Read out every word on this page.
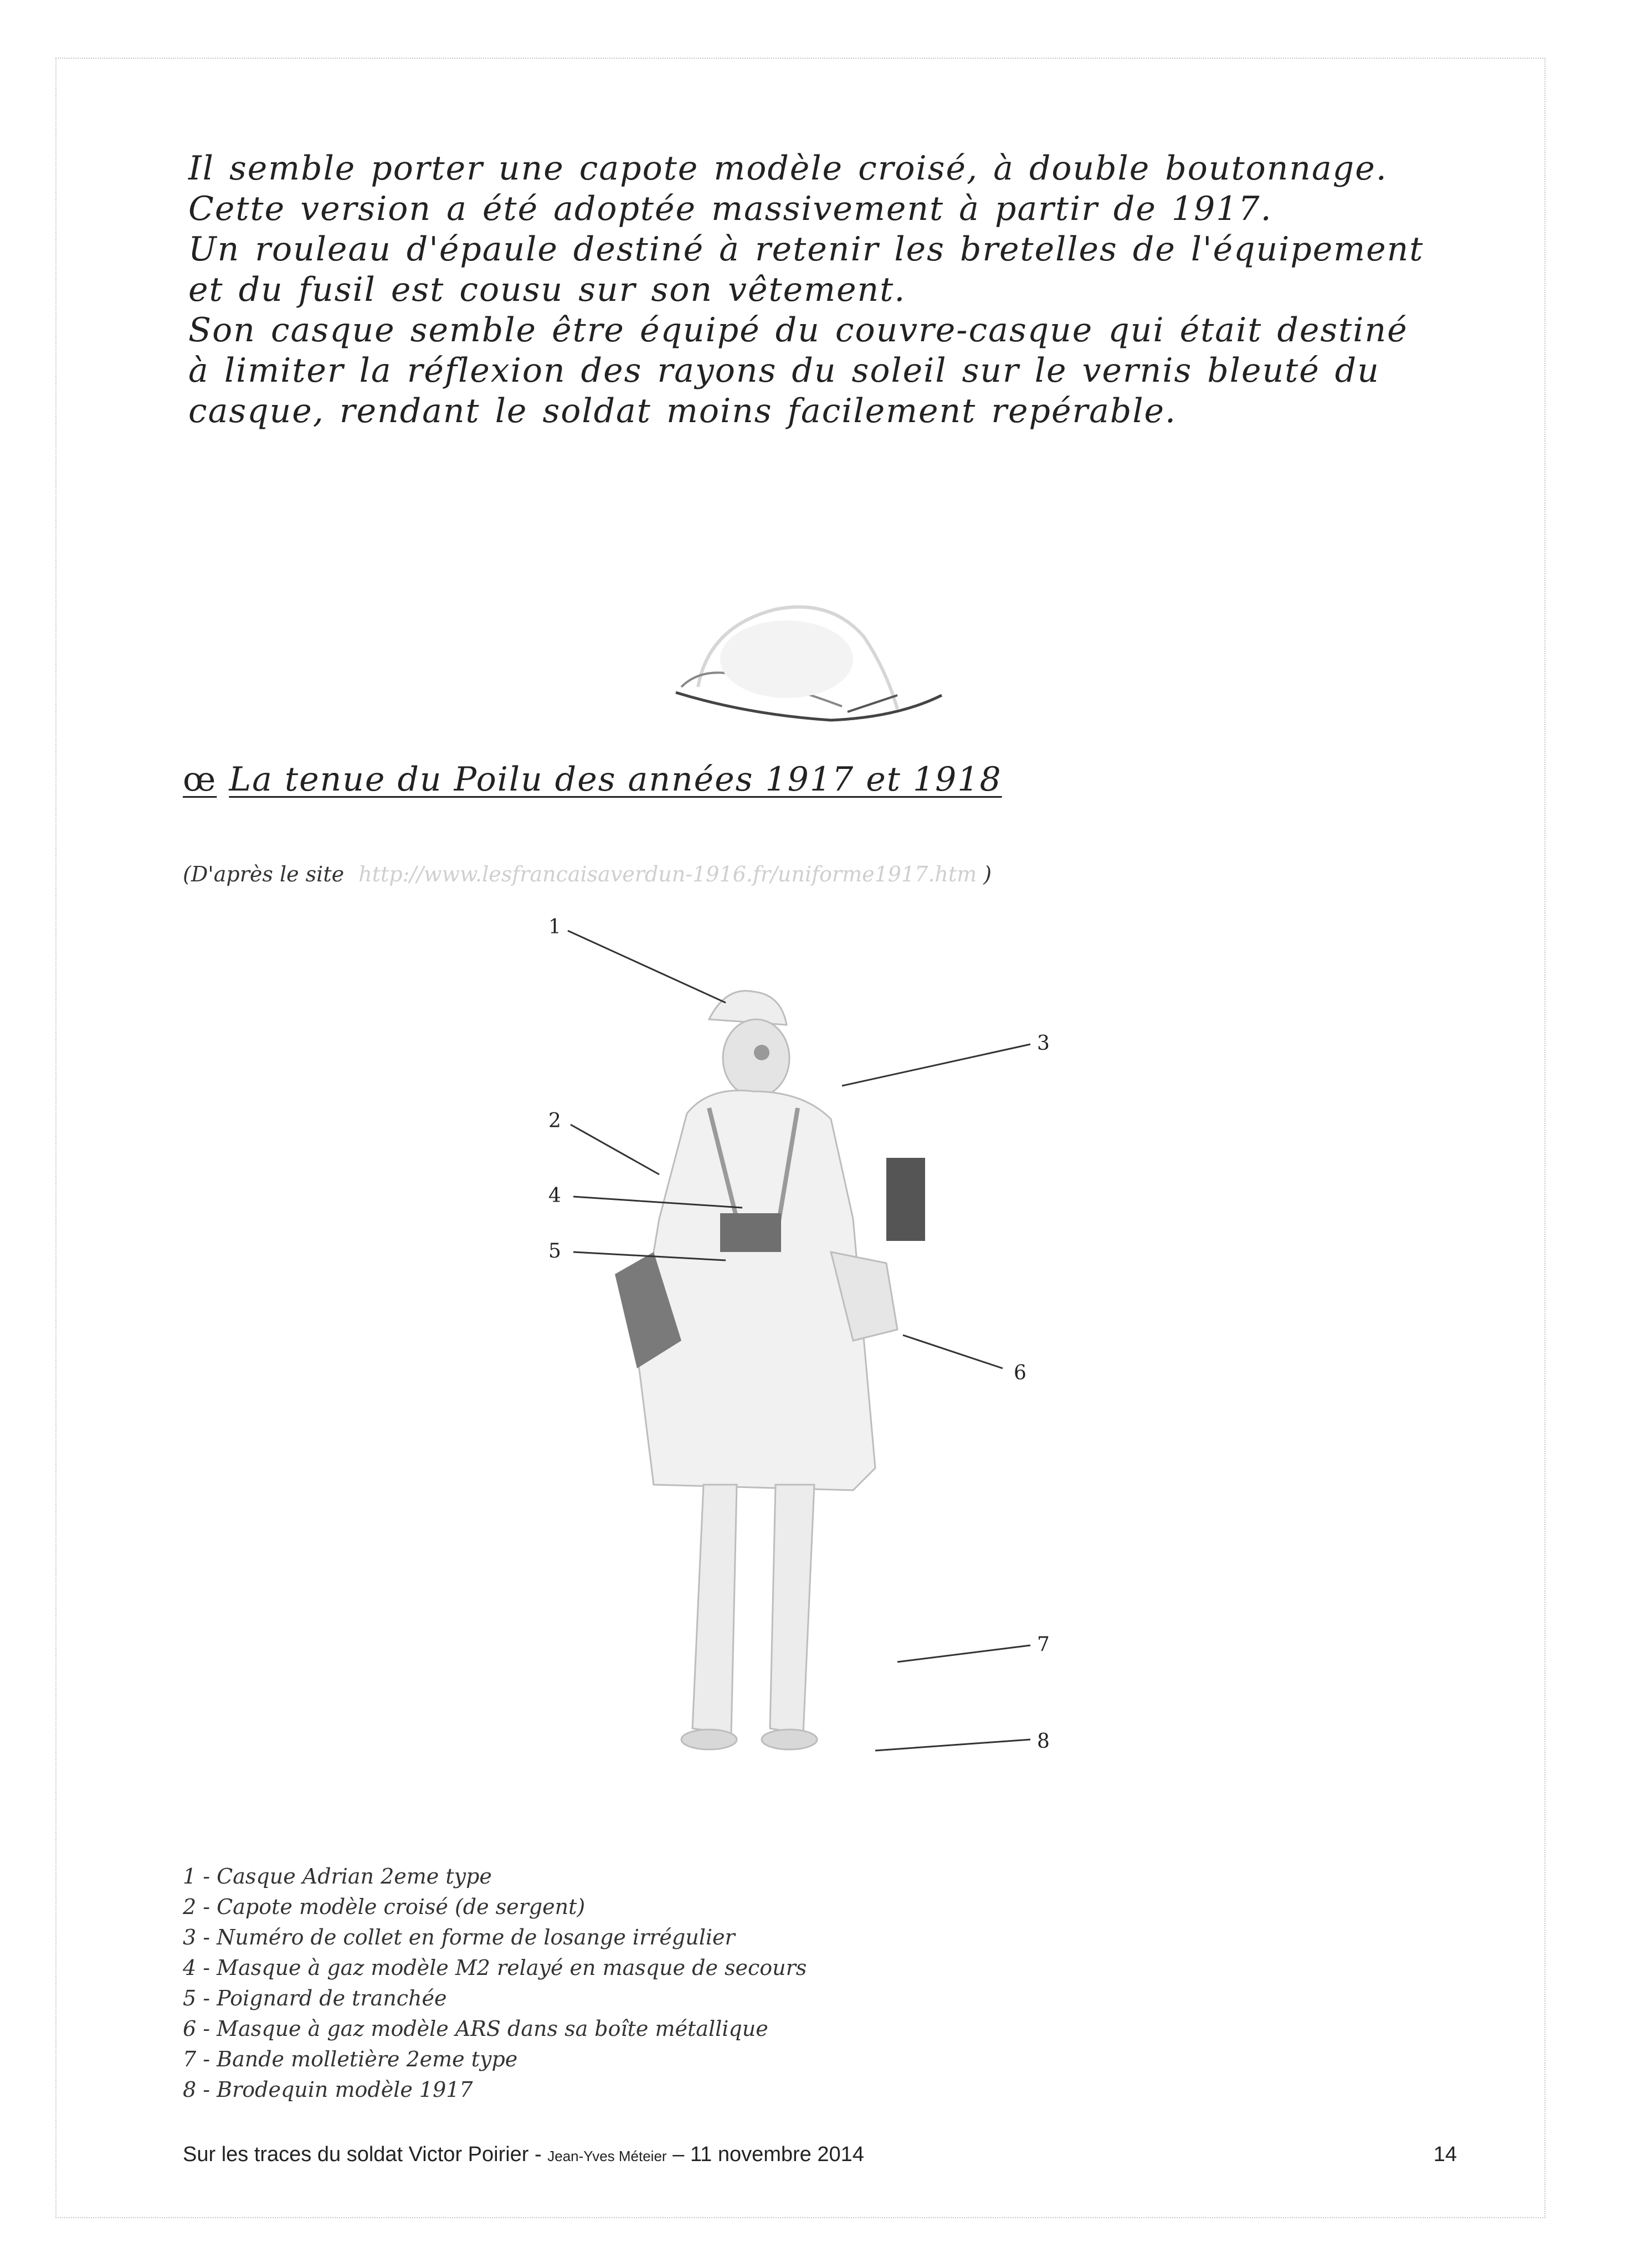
Il semble porter une capote modèle croisé, à double boutonnage. Cette version a été adoptée massivement à partir de 1917.

Un rouleau d'épaule destiné à retenir les bretelles de l'équipement et du fusil est cousu sur son vêtement.

Son casque semble être équipé du couvre-casque qui était destiné à limiter la réflexion des rayons du soleil sur le vernis bleuté du casque, rendant le soldat moins facilement repérable.

œ La tenue du Poilu des années 1917 et 1918
(D'après le site http://www.lesfrancaisaverdun-1916.fr/uniforme1917.htm )
1
3
2
4
5
6
7
8
1 - Casque Adrian 2eme type
2 - Capote modèle croisé (de sergent)
3 - Numéro de collet en forme de losange irrégulier
4 - Masque à gaz modèle M2 relayé en masque de secours
5 - Poignard de tranchée
6 - Masque à gaz modèle ARS dans sa boîte métallique
7 - Bande molletière 2eme type
8 - Brodequin modèle 1917
Sur les traces du soldat Victor Poirier - Jean-Yves Méteier – 11 novembre 2014	14
